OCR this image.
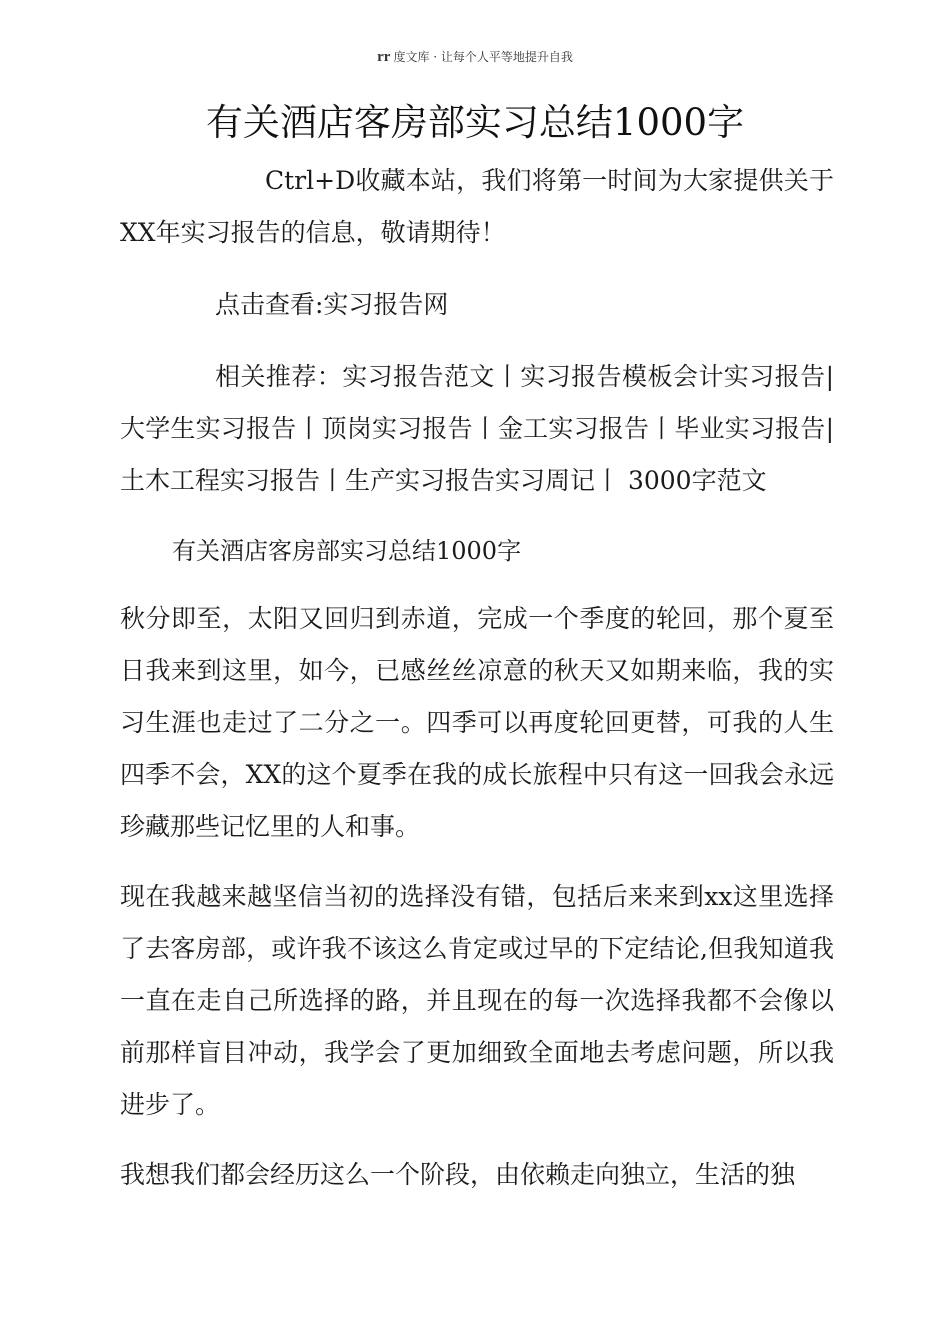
rr 度文库 · 让每个人平等地提升自我
有关酒店客房部实习总结1000字

Ctrl+D收藏本站，我们将第一时间为大家提供关于XX年实习报告的信息，敬请期待！

点击查看:实习报告网

相关推荐：实习报告范文丨实习报告模板会计实习报告|大学生实习报告丨顶岗实习报告丨金工实习报告丨毕业实习报告|土木工程实习报告丨生产实习报告实习周记丨 3000字范文

有关酒店客房部实习总结1000字

秋分即至，太阳又回归到赤道，完成一个季度的轮回，那个夏至日我来到这里，如今，已感丝丝凉意的秋天又如期来临，我的实习生涯也走过了二分之一。四季可以再度轮回更替，可我的人生四季不会，XX的这个夏季在我的成长旅程中只有这一回我会永远珍藏那些记忆里的人和事。

现在我越来越坚信当初的选择没有错，包括后来来到xx这里选择了去客房部，或许我不该这么肯定或过早的下定结论,但我知道我一直在走自己所选择的路，并且现在的每一次选择我都不会像以前那样盲目冲动，我学会了更加细致全面地去考虑问题，所以我进步了。

我想我们都会经历这么一个阶段，由依赖走向独立，生活的独
